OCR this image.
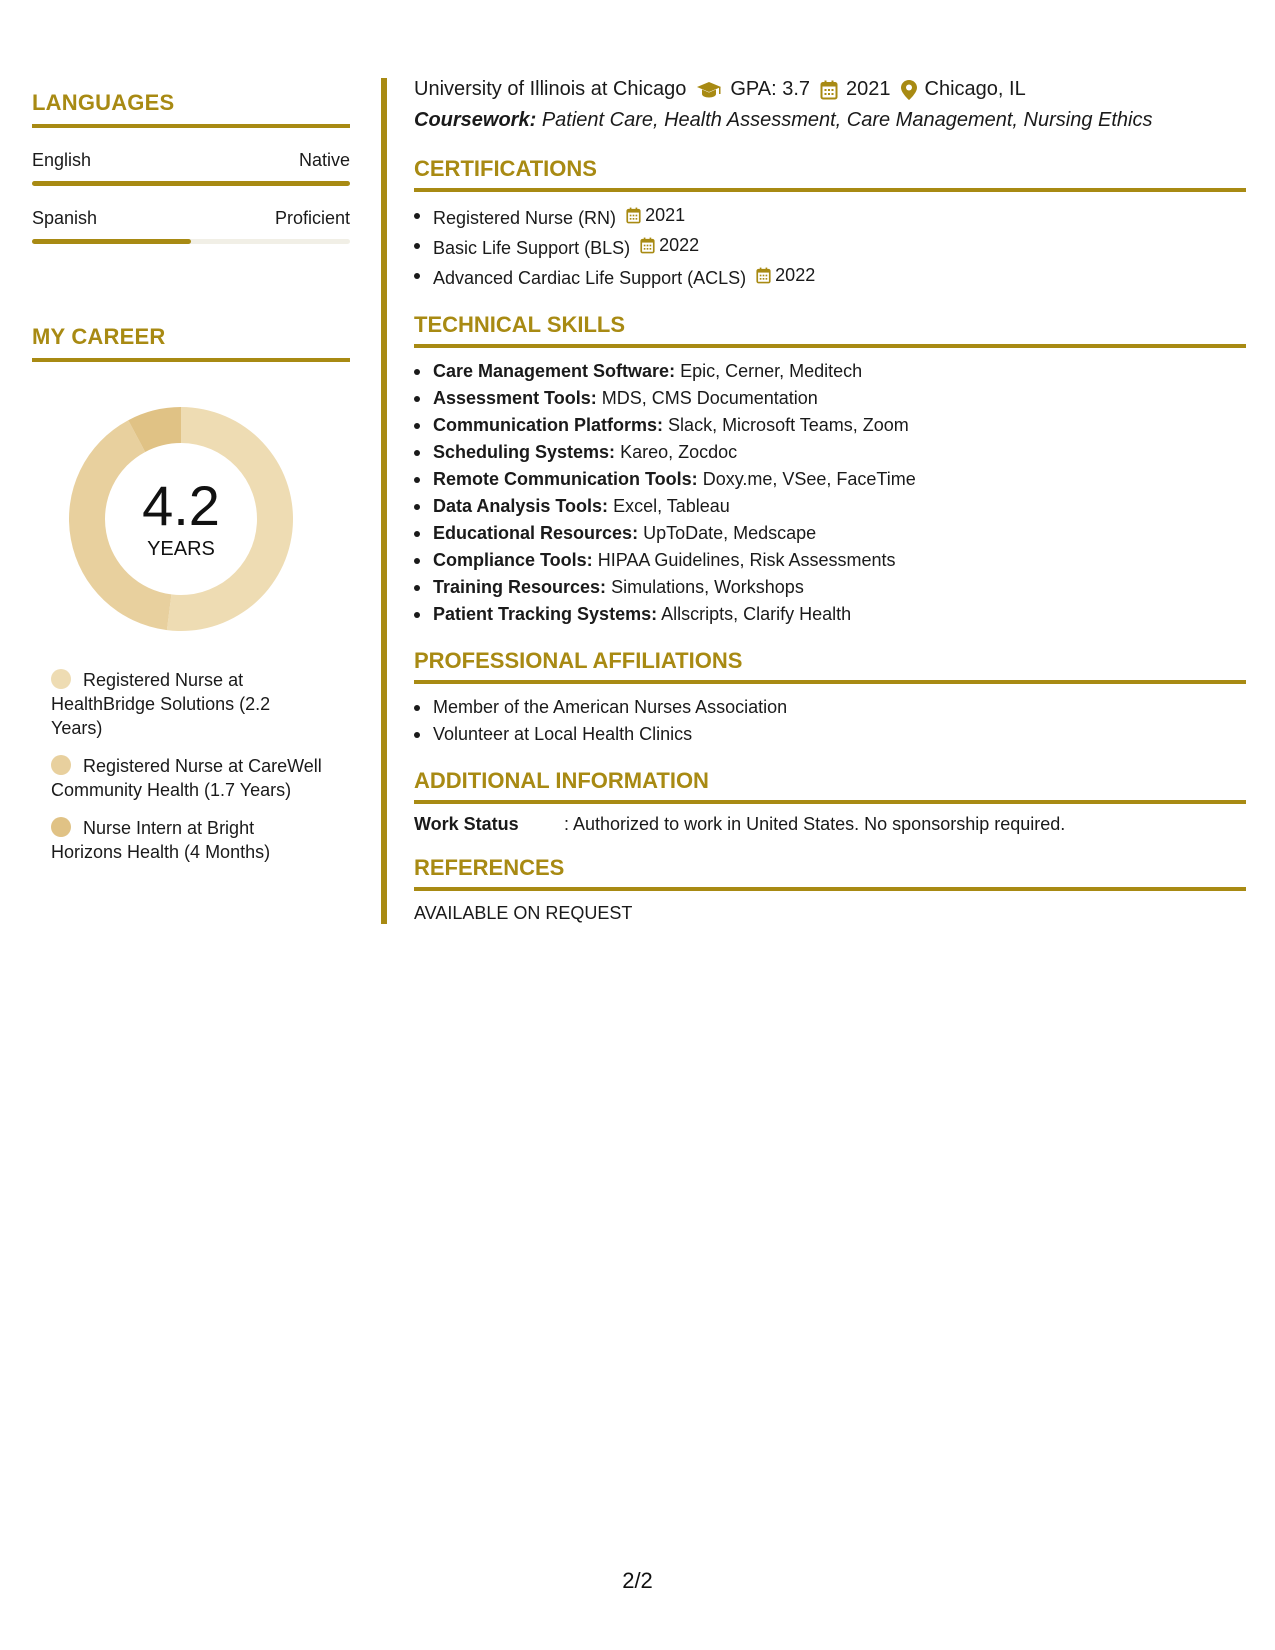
LANGUAGES
English	Native
Spanish	Proficient
MY CAREER
4.2
YEARS
Registered Nurse at HealthBridge Solutions (2.2 Years)
Registered Nurse at CareWell Community Health (1.7 Years)
Nurse Intern at Bright Horizons Health (4 Months)
University of Illinois at Chicago GPA: 3.7 2021 Chicago, IL
Coursework: Patient Care, Health Assessment, Care Management, Nursing Ethics
CERTIFICATIONS
Registered Nurse (RN) 2021
Basic Life Support (BLS) 2022
Advanced Cardiac Life Support (ACLS) 2022
TECHNICAL SKILLS
Care Management Software: Epic, Cerner, Meditech
Assessment Tools: MDS, CMS Documentation
Communication Platforms: Slack, Microsoft Teams, Zoom
Scheduling Systems: Kareo, Zocdoc
Remote Communication Tools: Doxy.me, VSee, FaceTime
Data Analysis Tools: Excel, Tableau
Educational Resources: UpToDate, Medscape
Compliance Tools: HIPAA Guidelines, Risk Assessments
Training Resources: Simulations, Workshops
Patient Tracking Systems: Allscripts, Clarify Health
PROFESSIONAL AFFILIATIONS
Member of the American Nurses Association
Volunteer at Local Health Clinics
ADDITIONAL INFORMATION
Work Status	: Authorized to work in United States. No sponsorship required.
REFERENCES
AVAILABLE ON REQUEST
2/2
